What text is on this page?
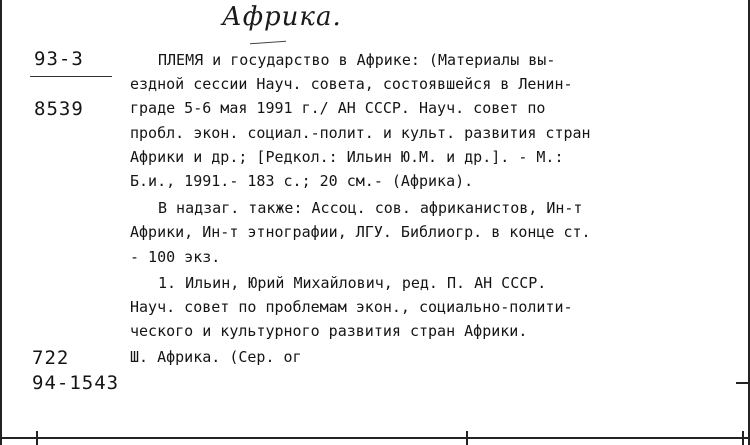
Африка.
93-3
8539
722
94-1543
ПЛЕМЯ и государство в Африке: (Материалы вы-
ездной сессии Науч. совета, состоявшейся в Ленин-
граде 5-6 мая 1991 г./ АН СССР. Науч. совет по
пробл. экон. социал.-полит. и культ. развития стран
Африки и др.; [Редкол.: Ильин Ю.М. и др.]. - М.:
Б.и., 1991.- 183 с.; 20 см.- (Африка).
В надзаг. также: Ассоц. сов. африканистов, Ин-т
Африки, Ин-т этнографии, ЛГУ. Библиогр. в конце ст.
- 100 экз.
1. Ильин, Юрий Михайлович, ред. П. АН СССР.
Науч. совет по проблемам экон., социально-полити-
ческого и культурного развития стран Африки.
Ш. Африка. (Сер. ог
